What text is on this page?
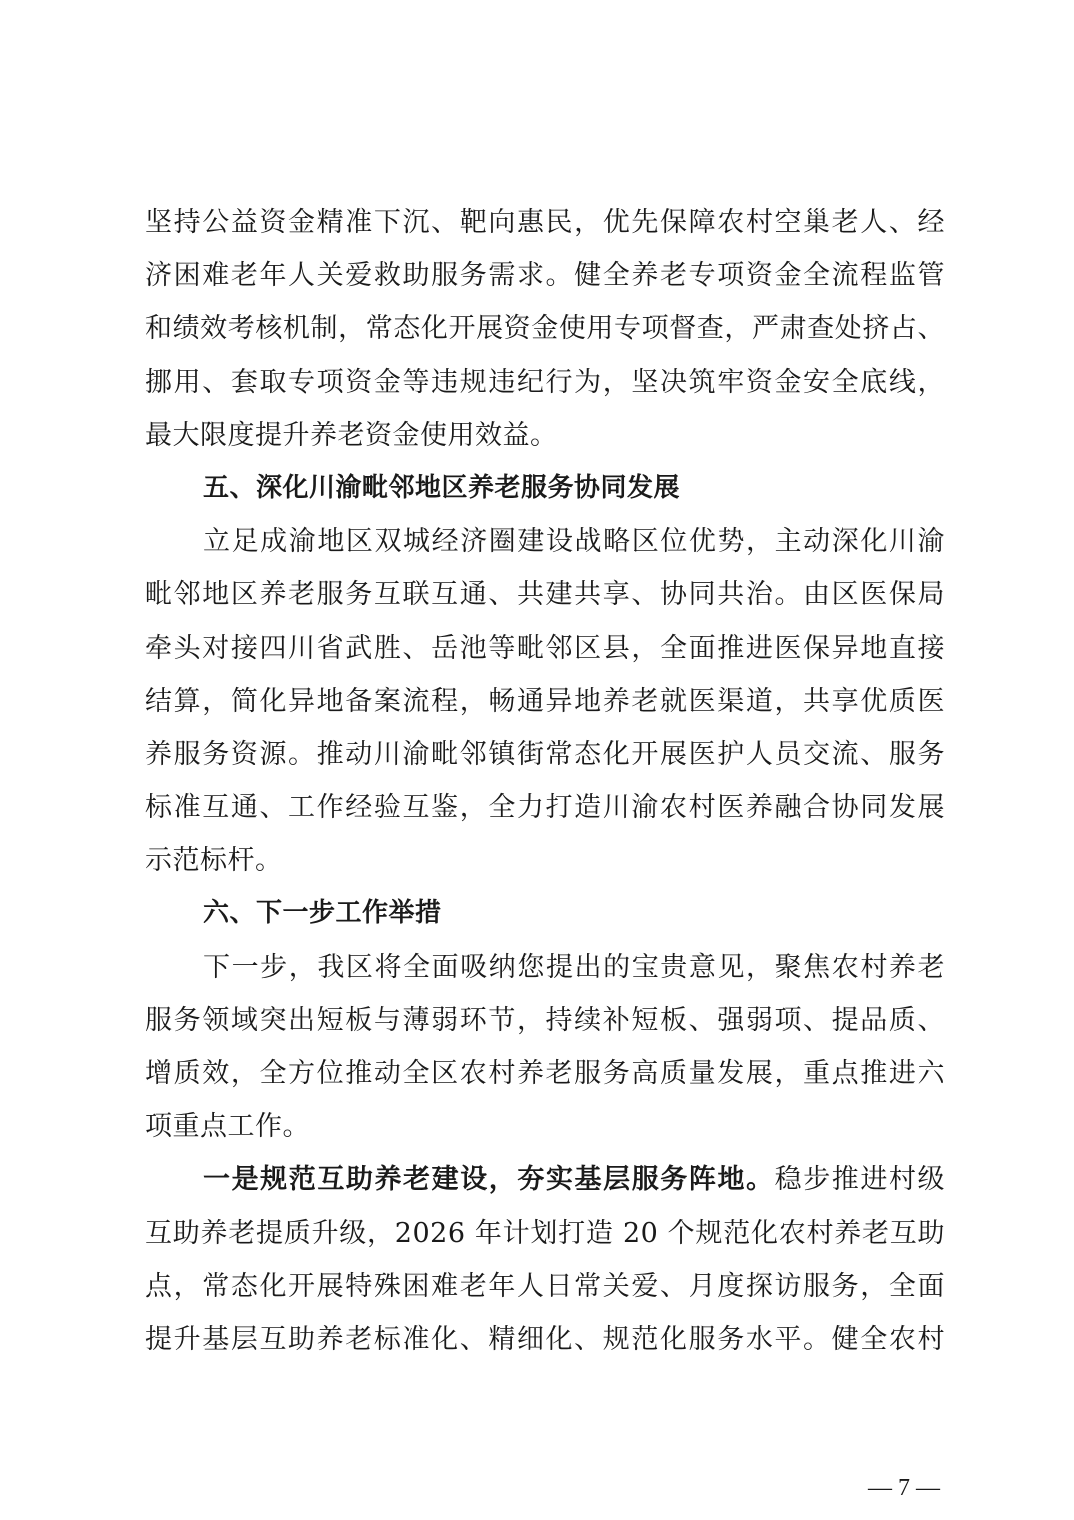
坚持公益资金精准下沉、靶向惠民，优先保障农村空巢老人、经
济困难老年人关爱救助服务需求。健全养老专项资金全流程监管
和绩效考核机制，常态化开展资金使用专项督查，严肃查处挤占、
挪用、套取专项资金等违规违纪行为，坚决筑牢资金安全底线，
最大限度提升养老资金使用效益。
五、深化川渝毗邻地区养老服务协同发展
立足成渝地区双城经济圈建设战略区位优势，主动深化川渝
毗邻地区养老服务互联互通、共建共享、协同共治。由区医保局
牵头对接四川省武胜、岳池等毗邻区县，全面推进医保异地直接
结算，简化异地备案流程，畅通异地养老就医渠道，共享优质医
养服务资源。推动川渝毗邻镇街常态化开展医护人员交流、服务
标准互通、工作经验互鉴，全力打造川渝农村医养融合协同发展
示范标杆。
六、下一步工作举措
下一步，我区将全面吸纳您提出的宝贵意见，聚焦农村养老
服务领域突出短板与薄弱环节，持续补短板、强弱项、提品质、
增质效，全方位推动全区农村养老服务高质量发展，重点推进六
项重点工作。
一是规范互助养老建设，夯实基层服务阵地。稳步推进村级
互助养老提质升级，2026 年计划打造 20 个规范化农村养老互助
点，常态化开展特殊困难老年人日常关爱、月度探访服务，全面
提升基层互助养老标准化、精细化、规范化服务水平。健全农村
— 7 —
